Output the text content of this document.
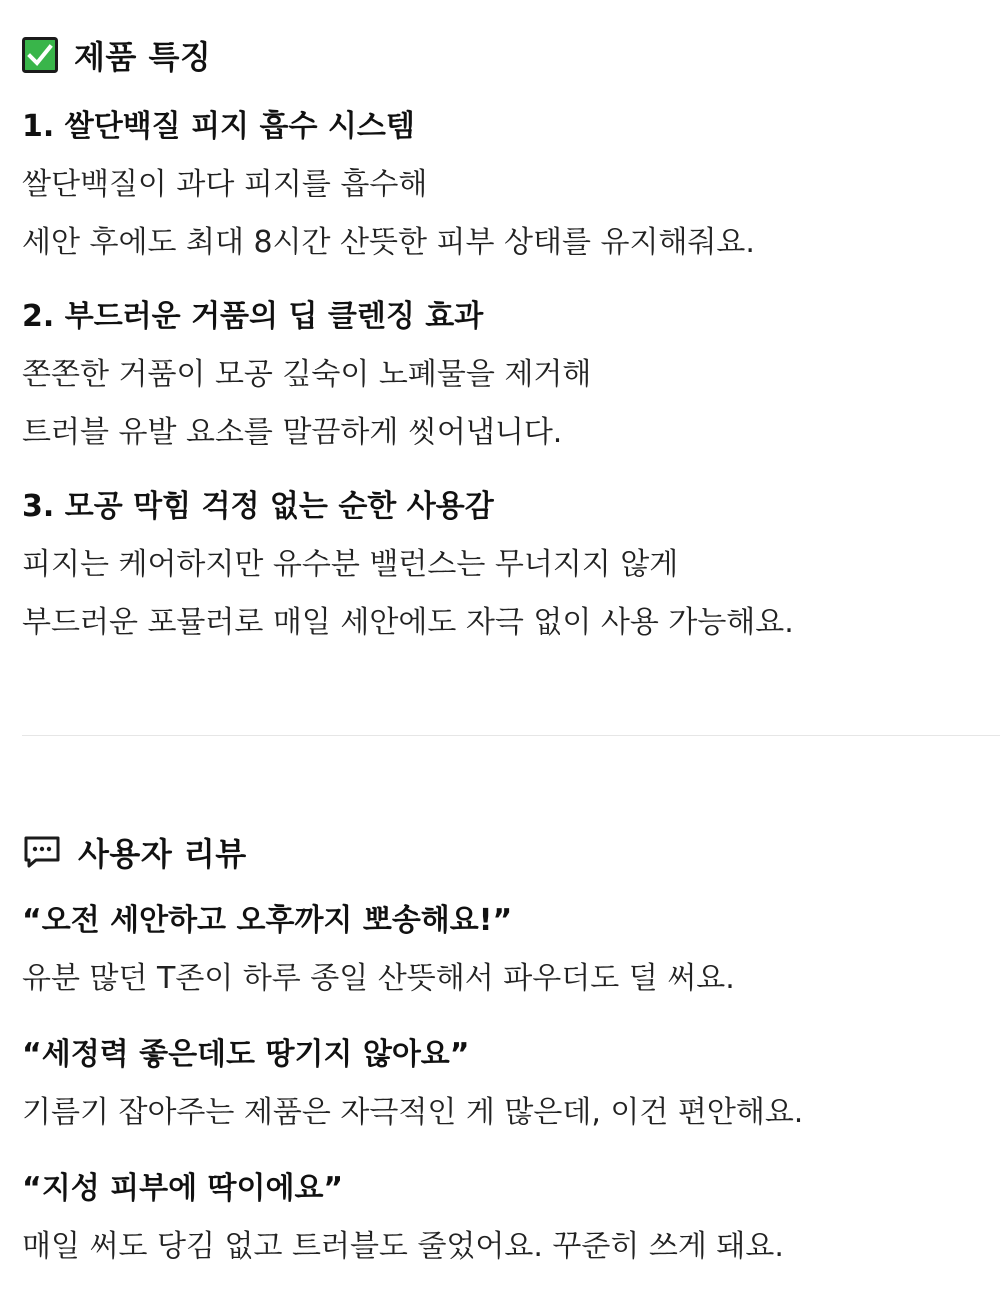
제품 특징

1. 쌀단백질 피지 흡수 시스템

쌀단백질이 과다 피지를 흡수해

세안 후에도 최대 8시간 산뜻한 피부 상태를 유지해줘요.

2. 부드러운 거품의 딥 클렌징 효과

쫀쫀한 거품이 모공 깊숙이 노폐물을 제거해

트러블 유발 요소를 말끔하게 씻어냅니다.

3. 모공 막힘 걱정 없는 순한 사용감

피지는 케어하지만 유수분 밸런스는 무너지지 않게

부드러운 포뮬러로 매일 세안에도 자극 없이 사용 가능해요.

사용자 리뷰

“오전 세안하고 오후까지 뽀송해요!”

유분 많던 T존이 하루 종일 산뜻해서 파우더도 덜 써요.

“세정력 좋은데도 땅기지 않아요”

기름기 잡아주는 제품은 자극적인 게 많은데, 이건 편안해요.

“지성 피부에 딱이에요”

매일 써도 당김 없고 트러블도 줄었어요. 꾸준히 쓰게 돼요.
